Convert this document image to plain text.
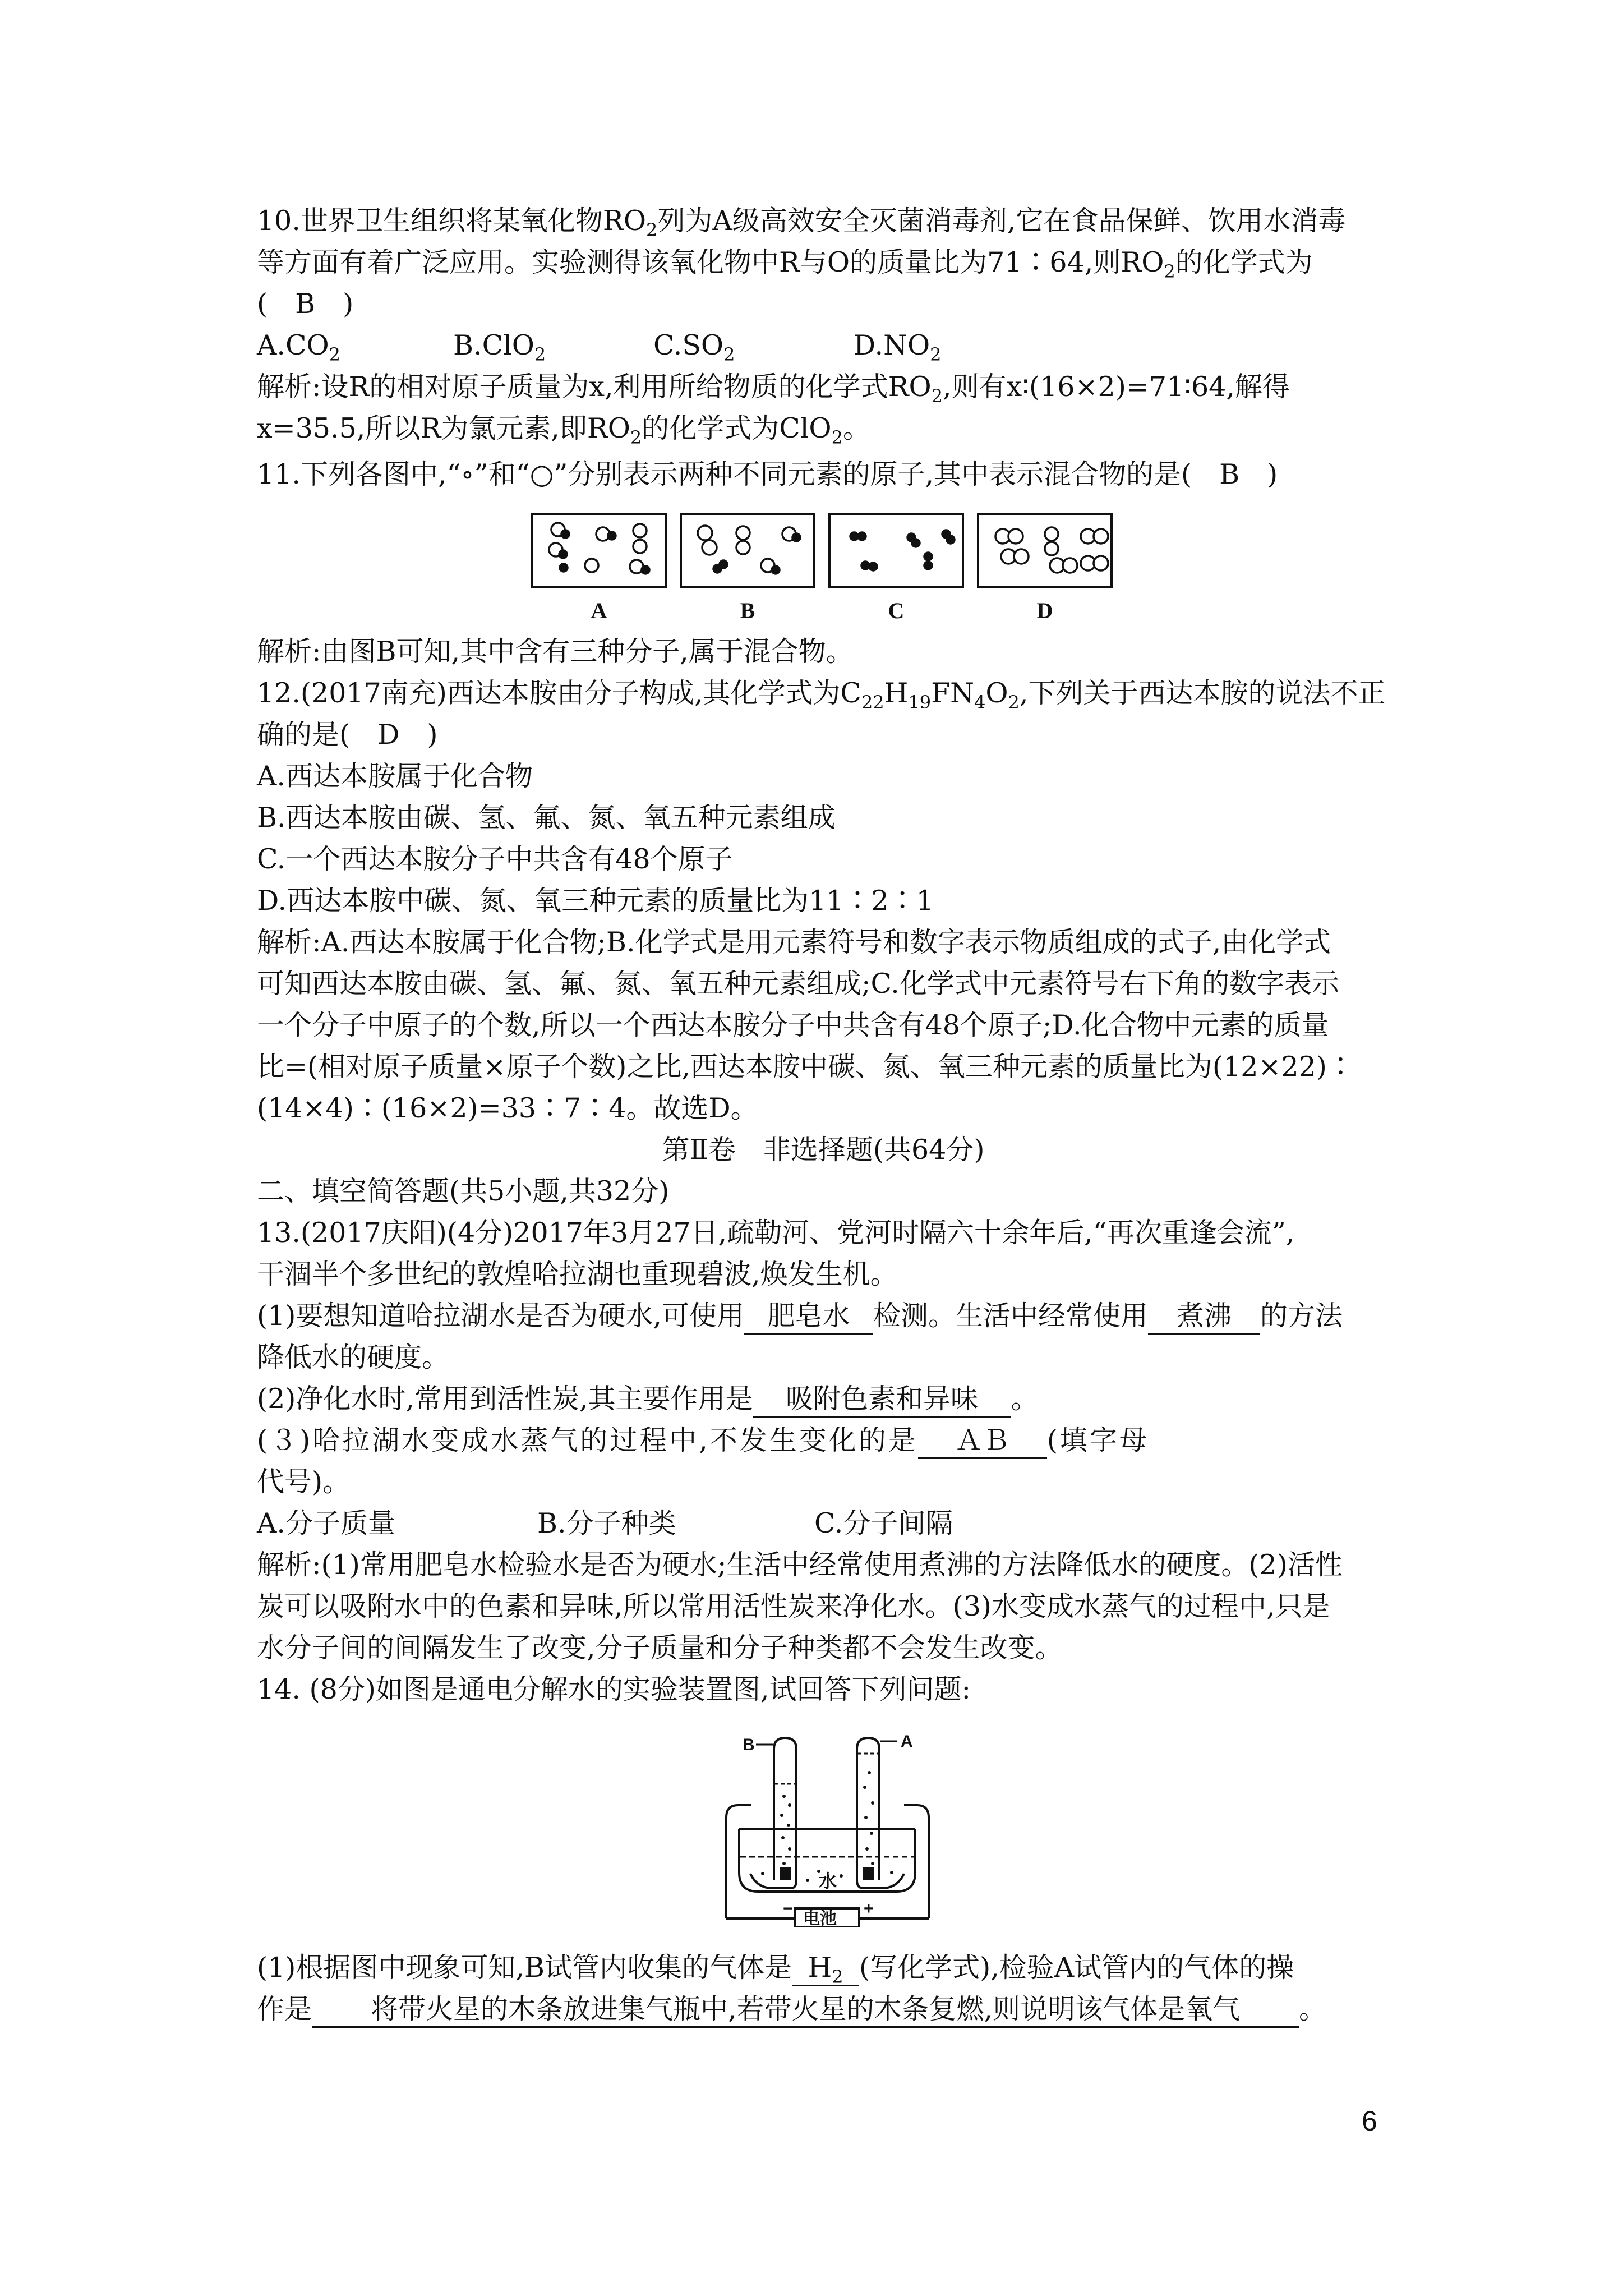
10.世界卫生组织将某氧化物$RO_2$列为A级高效安全灭菌消毒剂,它在食品保鲜、饮用水消毒
等方面有着广泛应用。实验测得该氧化物中R与O的质量比为71∶64,则$RO_2$的化学式为
(　B　)
$A.CO_2$	B.ClO$_2$	$C.SO_2$	$D.NO_2$
解析:设R的相对原子质量为x,利用所给物质的化学式$RO_2$,则有x∶(16×2)=71∶64,解得
x=35.5,所以R为氯元素,即$RO_2$的化学式为ClO$_2$。
11.下列各图中,“∘”和“○”分别表示两种不同元素的原子,其中表示混合物的是(　B　)
A	B	C	D
解析:由图B可知,其中含有三种分子,属于混合物。
12.(2017南充)西达本胺由分子构成,其化学式为$C_{22}H_{19}FN_4O_2$,下列关于西达本胺的说法不正
确的是(　D　)
A.西达本胺属于化合物
B.西达本胺由碳、氢、氟、氮、氧五种元素组成
C.一个西达本胺分子中共含有48个原子
D.西达本胺中碳、氮、氧三种元素的质量比为11∶2∶1
解析:A.西达本胺属于化合物;B.化学式是用元素符号和数字表示物质组成的式子,由化学式
可知西达本胺由碳、氢、氟、氮、氧五种元素组成;C.化学式中元素符号右下角的数字表示
一个分子中原子的个数,所以一个西达本胺分子中共含有48个原子;D.化合物中元素的质量
比=(相对原子质量×原子个数)之比,西达本胺中碳、氮、氧三种元素的质量比为(12×22)∶
(14×4)∶(16×2)=33∶7∶4。故选D。
第Ⅱ卷　非选择题(共64分)
二、填空简答题(共5小题,共32分)
13.(2017庆阳)(4分)2017年3月27日,疏勒河、党河时隔六十余年后,“再次重逢会流”,
干涸半个多世纪的敦煌哈拉湖也重现碧波,焕发生机。
(1)要想知道哈拉湖水是否为硬水,可使用 肥皂水 检测。生活中经常使用 煮沸 的方法
降低水的硬度。
(2)净化水时,常用到活性炭,其主要作用是 吸附色素和异味 。
(３)哈拉湖水变成水蒸气的过程中,不发生变化的是 ＡＢ (填字母
代号)。
A.分子质量	B.分子种类	C.分子间隔
解析:(1)常用肥皂水检验水是否为硬水;生活中经常使用煮沸的方法降低水的硬度。(2)活性
炭可以吸附水中的色素和异味,所以常用活性炭来净化水。(3)水变成水蒸气的过程中,只是
水分子间的间隔发生了改变,分子质量和分子种类都不会发生改变。
14. (8分)如图是通电分解水的实验装置图,试回答下列问题:
B	A
水
电池
−	+
(1)根据图中现象可知,B试管内收集的气体是 $H_2$ (写化学式),检验A试管内的气体的操
作是 将带火星的木条放进集气瓶中,若带火星的木条复燃,则说明该气体是氧气 。
6
